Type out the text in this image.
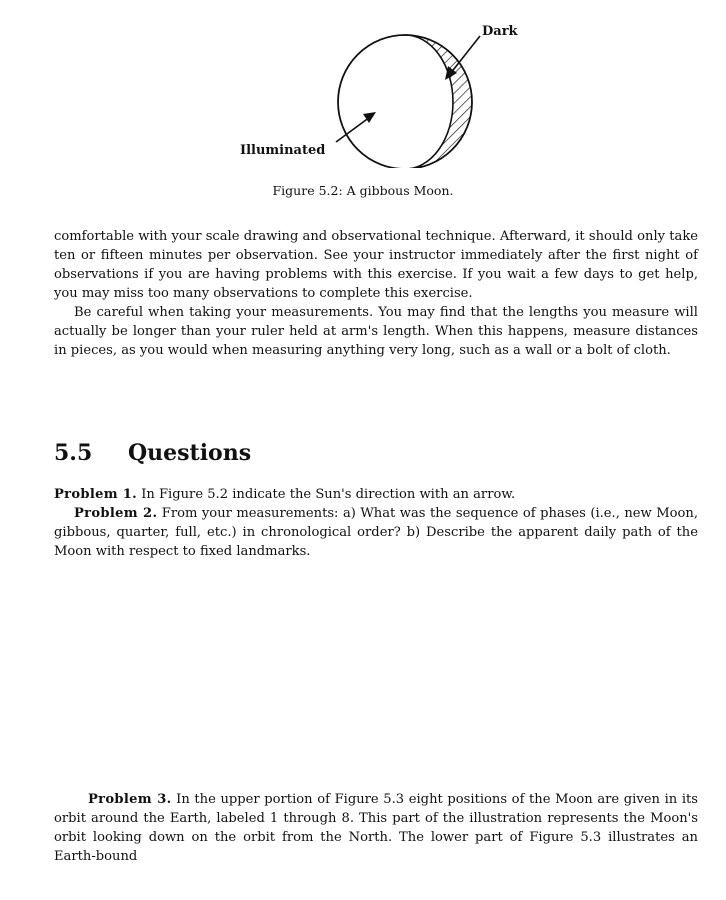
Dark
Illuminated
Figure 5.2: A gibbous Moon.
comfortable with your scale drawing and observational technique. Afterward, it should only take ten or fifteen minutes per observation. See your instructor immediately after the first night of observations if you are having problems with this exercise. If you wait a few days to get help, you may miss too many observations to complete this exercise.
Be careful when taking your measurements. You may find that the lengths you measure will actually be longer than your ruler held at arm's length. When this happens, measure distances in pieces, as you would when measuring anything very long, such as a wall or a bolt of cloth.
5.5 Questions
Problem 1. In Figure 5.2 indicate the Sun's direction with an arrow.
Problem 2. From your measurements: a) What was the sequence of phases (i.e., new Moon, gibbous, quarter, full, etc.) in chronological order? b) Describe the apparent daily path of the Moon with respect to fixed landmarks.
Problem 3. In the upper portion of Figure 5.3 eight positions of the Moon are given in its orbit around the Earth, labeled 1 through 8. This part of the illustration represents the Moon's orbit looking down on the orbit from the North. The lower part of Figure 5.3 illustrates an Earth-bound
